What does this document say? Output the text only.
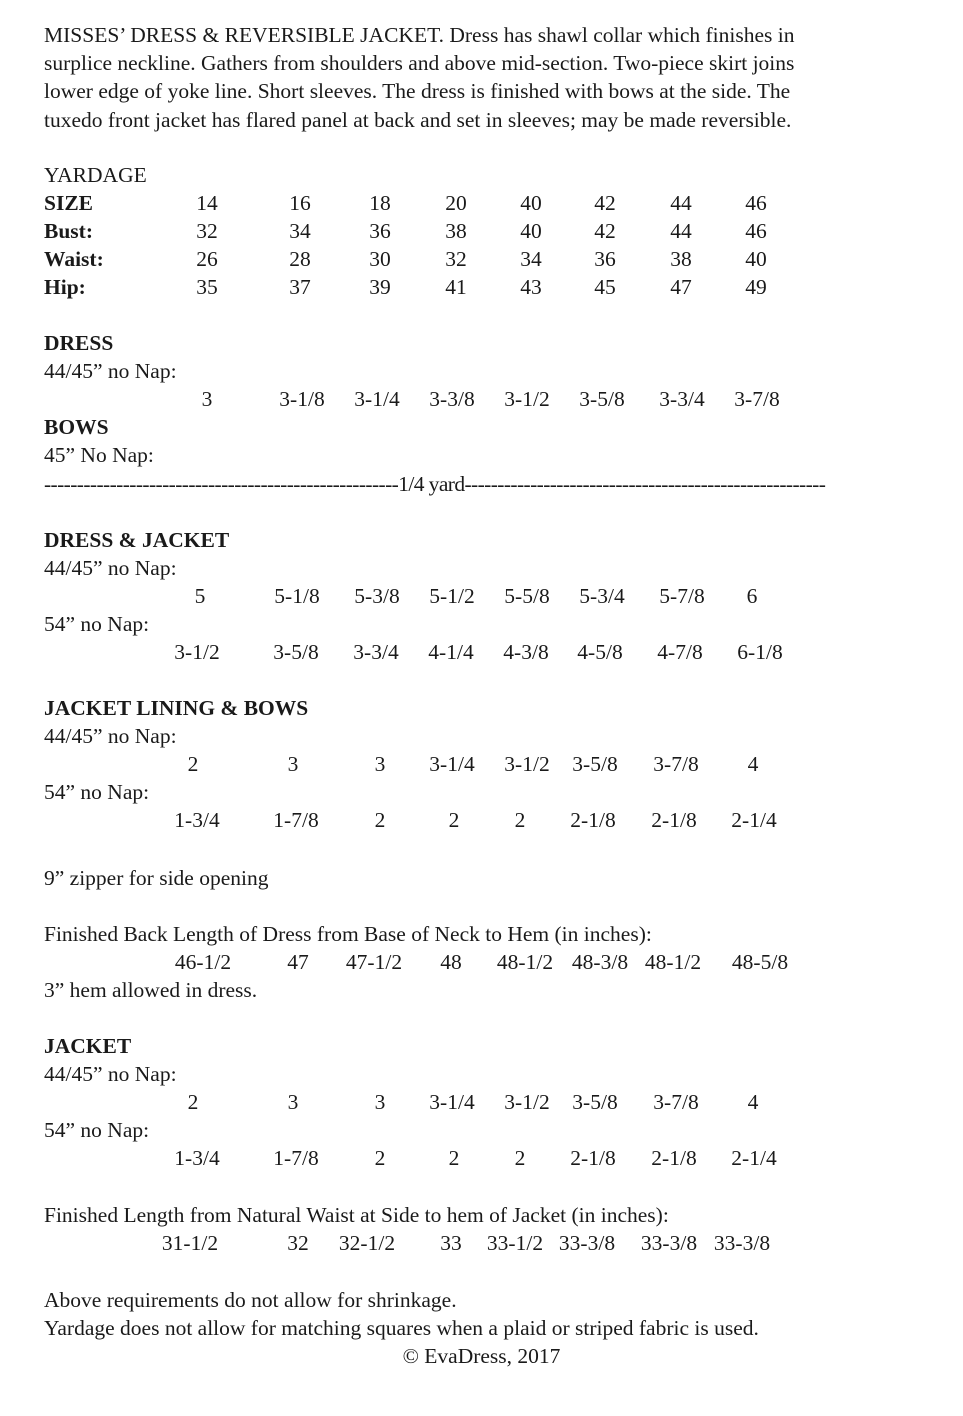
MISSES’ DRESS & REVERSIBLE JACKET. Dress has shawl collar which finishes in
surplice neckline. Gathers from shoulders and above mid-section. Two-piece skirt joins
lower edge of yoke line. Short sleeves. The dress is finished with bows at the side. The
tuxedo front jacket has flared panel at back and set in sleeves; may be made reversible.
YARDAGE
SIZE	14	16	18	20 40 42	44 46
Bust:	32	34	36	38 40 42	44 46
Waist:	26	28	30	32 34 36	38 40
Hip:	35	37	39	41 43 45	47 49
DRESS
44/45” no Nap:
3	3-1/8 3-1/4 3-3/8 3-1/2 3-5/8 3-3/4 3-7/8
BOWS
45” No Nap:
------------------------------------------------------1/4 yard-------------------------------------------------------
DRESS & JACKET
44/45” no Nap:
5	5-1/8 5-3/8 5-1/2 5-5/8 5-3/4 5-7/8 6
54” no Nap:
3-1/2 3-5/8 3-3/4 4-1/4 4-3/8 4-5/8 4-7/8 6-1/8
JACKET LINING & BOWS
44/45” no Nap:
2	3	3 3-1/4 3-1/2 3-5/8 3-7/8 4
54” no Nap:
1-3/4 1-7/8	2	2	2 2-1/8 2-1/8 2-1/4
9” zipper for side opening
Finished Back Length of Dress from Base of Neck to Hem (in inches):
46-1/2	47 47-1/2 48 48-1/2 48-3/8 48-1/2 48-5/8
3” hem allowed in dress.
JACKET
44/45” no Nap:
2	3	3 3-1/4 3-1/2 3-5/8 3-7/8 4
54” no Nap:
1-3/4 1-7/8	2	2	2 2-1/8 2-1/8 2-1/4
Finished Length from Natural Waist at Side to hem of Jacket (in inches):
31-1/2	32 32-1/2 33 33-1/2 33-3/8 33-3/8 33-3/8
Above requirements do not allow for shrinkage.
Yardage does not allow for matching squares when a plaid or striped fabric is used.
© EvaDress, 2017
